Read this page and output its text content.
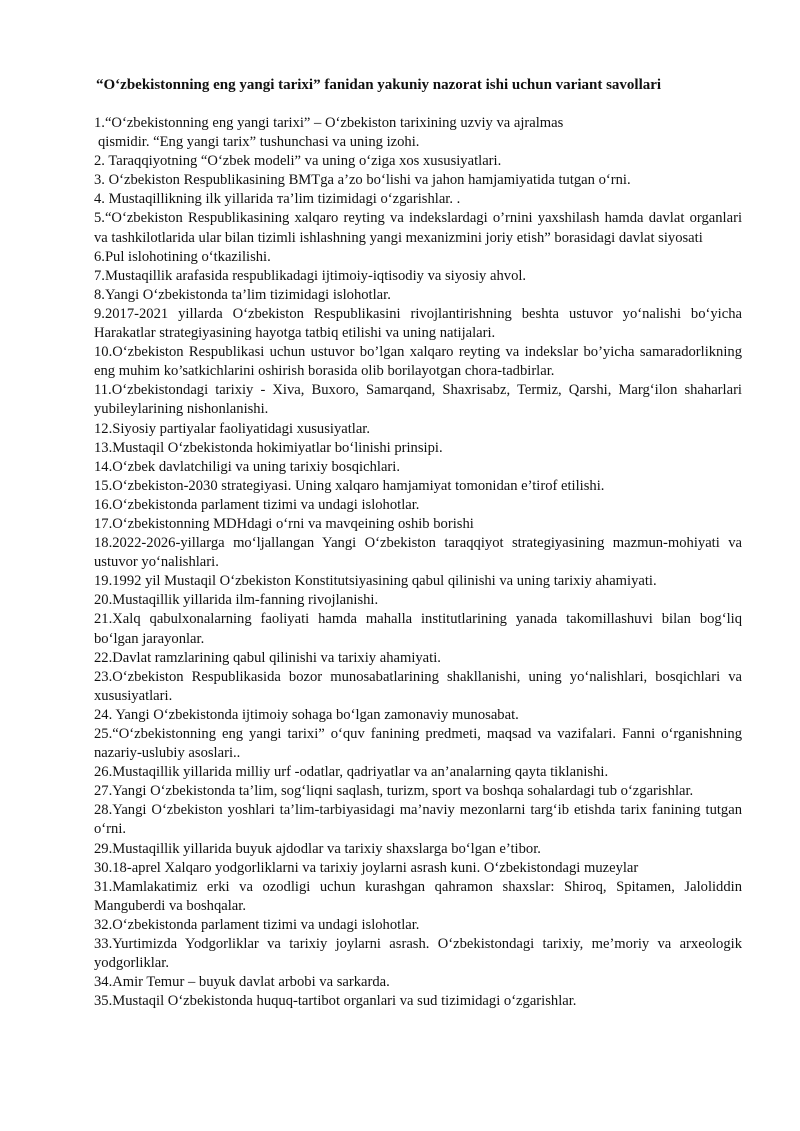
“O‘zbekistonning eng yangi tarixi” fanidan yakuniy nazorat ishi uchun variant savollari
1.“O‘zbekistonning eng yangi tarixi” – O‘zbekiston tarixining uzviy va ajralmas
qismidir. “Eng yangi tarix” tushunchasi va uning izohi.
2. Taraqqiyotning “O‘zbek modeli” va uning o‘ziga xos xususiyatlari.
3. O‘zbekiston Respublikasining BMTga a’zo bo‘lishi va jahon hamjamiyatida tutgan o‘rni.
4. Mustaqillikning ilk yillarida тa’lim tizimidagi o‘zgarishlar. .
5.“O‘zbekiston Respublikasining xalqaro reyting va indekslardagi o’rnini yaxshilash hamda davlat organlari va tashkilotlarida ular bilan tizimli ishlashning yangi mexanizmini joriy etish” borasidagi davlat siyosati
6.Pul islohotining o‘tkazilishi.
7.Mustaqillik arafasida respublikadagi ijtimoiy-iqtisodiy va siyosiy ahvol.
8.Yangi O‘zbekistonda ta’lim tizimidagi islohotlar.
9.2017-2021 yillarda O‘zbekiston Respublikasini rivojlantirishning beshta ustuvor yo‘nalishi bo‘yicha Harakatlar strategiyasining hayotga tatbiq etilishi va uning natijalari.
10.O‘zbekiston Respublikasi uchun ustuvor bo’lgan xalqaro reyting va indekslar bo’yicha samaradorlikning eng muhim ko’satkichlarini oshirish borasida olib borilayotgan chora-tadbirlar.
11.O‘zbekistondagi tarixiy - Xiva, Buxoro, Samarqand, Shaxrisabz, Termiz, Qarshi, Marg‘ilon shaharlari yubileylarining nishonlanishi.
12.Siyosiy partiyalar faoliyatidagi xususiyatlar.
13.Mustaqil O‘zbekistonda hokimiyatlar bo‘linishi prinsipi.
14.O‘zbek davlatchiligi va uning tarixiy bosqichlari.
15.O‘zbekiston-2030 strategiyasi. Uning xalqaro hamjamiyat tomonidan e’tirof etilishi.
16.O‘zbekistonda parlament tizimi va undagi islohotlar.
17.O‘zbekistonning MDHdagi o‘rni va mavqeining oshib borishi
18.2022-2026-yillarga mo‘ljallangan Yangi O‘zbekiston taraqqiyot strategiyasining mazmun-mohiyati va ustuvor yo‘nalishlari.
19.1992 yil Mustaqil O‘zbekiston Konstitutsiyasining qabul qilinishi va uning tarixiy ahamiyati.
20.Mustaqillik yillarida ilm-fanning rivojlanishi.
21.Xalq qabulxonalarning faoliyati hamda mahalla institutlarining yanada takomillashuvi bilan bog‘liq bo‘lgan jarayonlar.
22.Davlat ramzlarining qabul qilinishi va tarixiy ahamiyati.
23.O‘zbekiston Respublikasida bozor munosabatlarining shakllanishi, uning yo‘nalishlari, bosqichlari va xususiyatlari.
24. Yangi O‘zbekistonda ijtimoiy sohaga bo‘lgan zamonaviy munosabat.
25.“O‘zbekistonning eng yangi tarixi” o‘quv fanining predmeti, maqsad va vazifalari. Fanni o‘rganishning nazariy-uslubiy asoslari..
26.Mustaqillik yillarida milliy urf -odatlar, qadriyatlar va an’analarning qayta tiklanishi.
27.Yangi O‘zbekistonda ta’lim, sog‘liqni saqlash, turizm, sport va boshqa sohalardagi tub o‘zgarishlar.
28.Yangi O‘zbekiston yoshlari ta’lim-tarbiyasidagi ma’naviy mezonlarni targ‘ib etishda tarix fanining tutgan o‘rni.
29.Mustaqillik yillarida buyuk ajdodlar va tarixiy shaxslarga bo‘lgan e’tibor.
30.18-aprel Xalqaro yodgorliklarni va tarixiy joylarni asrash kuni. O‘zbekistondagi muzeylar
31.Mamlakatimiz erki va ozodligi uchun kurashgan qahramon shaxslar: Shiroq, Spitamen, Jaloliddin Manguberdi va boshqalar.
32.O‘zbekistonda parlament tizimi va undagi islohotlar.
33.Yurtimizda Yodgorliklar va tarixiy joylarni asrash. O‘zbekistondagi tarixiy, me’moriy va arxeologik yodgorliklar.
34.Amir Temur – buyuk davlat arbobi va sarkarda.
35.Mustaqil O‘zbekistonda huquq-tartibot organlari va sud tizimidagi o‘zgarishlar.
